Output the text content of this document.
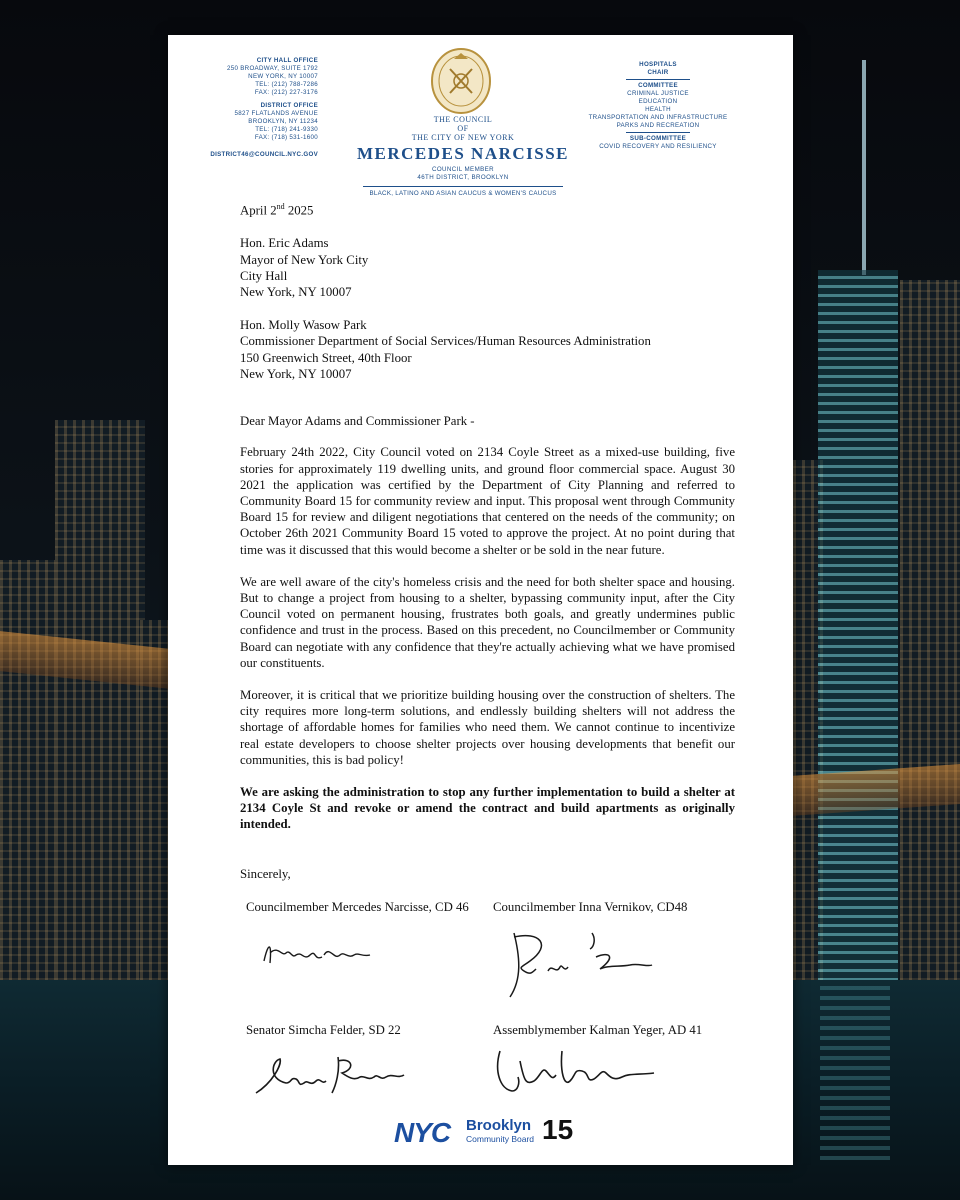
CITY HALL OFFICE
250 BROADWAY, SUITE 1792
NEW YORK, NY 10007
TEL: (212) 788-7286
FAX: (212) 227-3176
DISTRICT OFFICE
5827 FLATLANDS AVENUE
BROOKLYN, NY 11234
TEL: (718) 241-9330
FAX: (718) 531-1600
DISTRICT46@COUNCIL.NYC.GOV
THE COUNCIL
OF
THE CITY OF NEW YORK
MERCEDES NARCISSE
COUNCIL MEMBER
46TH DISTRICT, BROOKLYN
BLACK, LATINO AND ASIAN CAUCUS & WOMEN'S CAUCUS
HOSPITALS
CHAIR
COMMITTEE
CRIMINAL JUSTICE
EDUCATION
HEALTH
TRANSPORTATION AND INFRASTRUCTURE
PARKS AND RECREATION
SUB-COMMITTEE
COVID RECOVERY AND RESILIENCY

April 2nd 2025

Hon. Eric Adams

Mayor of New York City

City Hall

New York, NY 10007

Hon. Molly Wasow Park

Commissioner Department of Social Services/Human Resources Administration

150 Greenwich Street, 40th Floor

New York, NY 10007

Dear Mayor Adams and Commissioner Park -

February 24th 2022, City Council voted on 2134 Coyle Street as a mixed-use building, five stories for approximately 119 dwelling units, and ground floor commercial space. August 30 2021 the application was certified by the Department of City Planning and referred to Community Board 15 for community review and input. This proposal went through Community Board 15 for review and diligent negotiations that centered on the needs of the community; on October 26th 2021 Community Board 15 voted to approve the project. At no point during that time was it discussed that this would become a shelter or be sold in the near future.

We are well aware of the city's homeless crisis and the need for both shelter space and housing. But to change a project from housing to a shelter, bypassing community input, after the City Council voted on permanent housing, frustrates both goals, and greatly undermines public confidence and trust in the process. Based on this precedent, no Councilmember or Community Board can negotiate with any confidence that they're actually achieving what we have promised our constituents.

Moreover, it is critical that we prioritize building housing over the construction of shelters. The city requires more long-term solutions, and endlessly building shelters will not address the shortage of affordable homes for families who need them. We cannot continue to incentivize real estate developers to choose shelter projects over housing developments that benefit our communities, this is bad policy!

We are asking the administration to stop any further implementation to build a shelter at 2134 Coyle St and revoke or amend the contract and build apartments as originally intended.

Sincerely,

Councilmember Mercedes Narcisse, CD 46 Councilmember Inna Vernikov, CD48
Senator Simcha Felder, SD 22	Assemblymember Kalman Yeger, AD 41
NYC Brooklyn
Community Board 15
